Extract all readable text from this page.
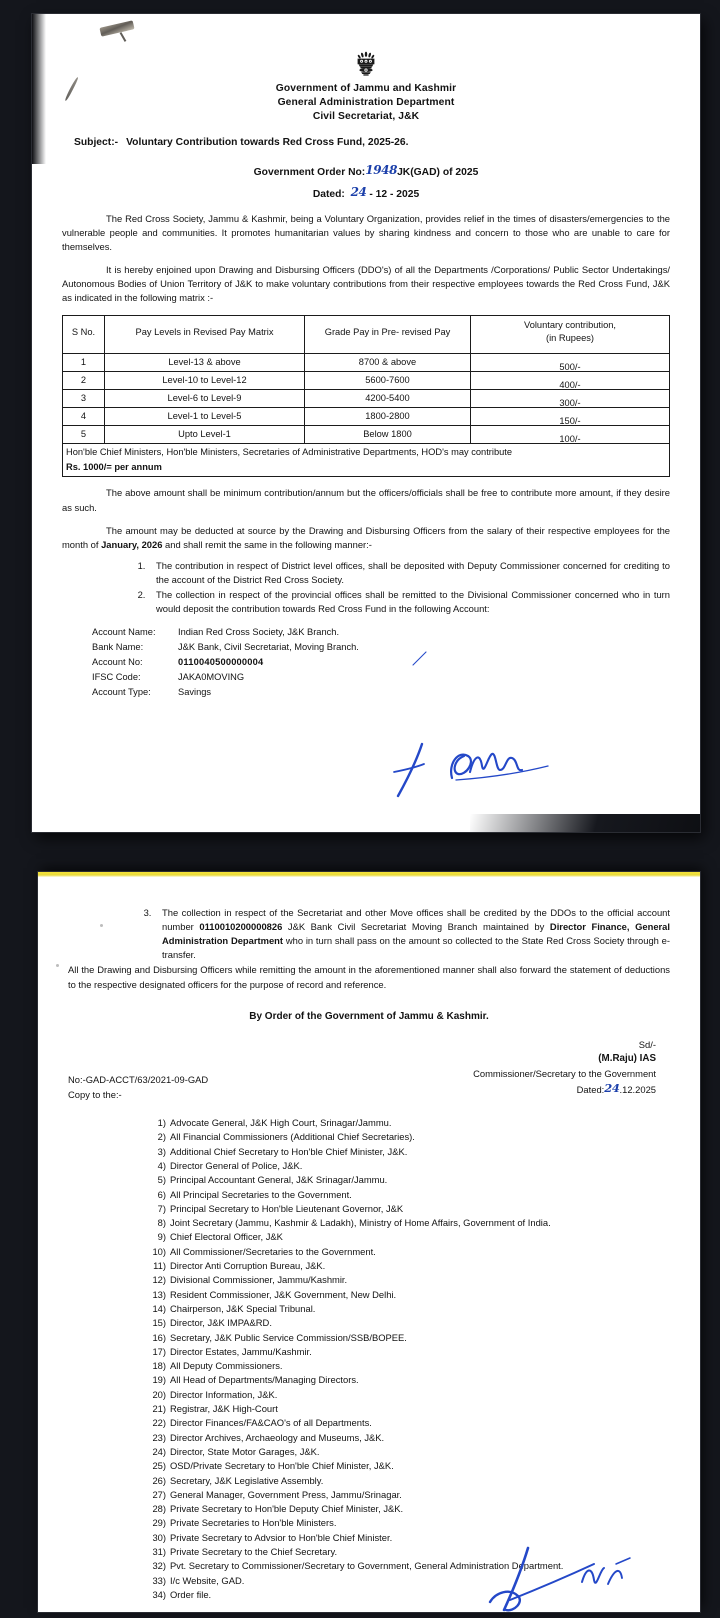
Government of Jammu and Kashmir
General Administration Department
Civil Secretariat, J&K
Subject:- Voluntary Contribution towards Red Cross Fund, 2025-26.
Government Order No:1948JK(GAD) of 2025
Dated: 24 - 12 - 2025

The Red Cross Society, Jammu & Kashmir, being a Voluntary Organization, provides relief in the times of disasters/emergencies to the vulnerable people and communities. It promotes humanitarian values by sharing kindness and concern to those who are unable to care for themselves.

It is hereby enjoined upon Drawing and Disbursing Officers (DDO's) of all the Departments /Corporations/ Public Sector Undertakings/ Autonomous Bodies of Union Territory of J&K to make voluntary contributions from their respective employees towards the Red Cross Fund, J&K as indicated in the following matrix :-

S No.	Pay Levels in Revised Pay Matrix	Grade Pay in Pre- revised Pay	Voluntary contribution,
(in Rupees)

1	Level-13 & above	8700 & above	500/-
2	Level-10 to Level-12	5600-7600	400/-
3	Level-6 to Level-9	4200-5400	300/-
4	Level-1 to Level-5	1800-2800	150/-
5	Upto Level-1	Below 1800	100/-
Hon'ble Chief Ministers, Hon'ble Ministers, Secretaries of Administrative Departments, HOD's may contribute
Rs. 1000/= per annum			

The above amount shall be minimum contribution/annum but the officers/officials shall be free to contribute more amount, if they desire as such.

The amount may be deducted at source by the Drawing and Disbursing Officers from the salary of their respective employees for the month of January, 2026 and shall remit the same in the following manner:-

1. The contribution in respect of District level offices, shall be deposited with Deputy Commissioner concerned for crediting to the account of the District Red Cross Society.
2. The collection in respect of the provincial offices shall be remitted to the Divisional Commissioner concerned who in turn would deposit the contribution towards Red Cross Fund in the following Account:
Account Name:	Indian Red Cross Society, J&K Branch.
Bank Name:	J&K Bank, Civil Secretariat, Moving Branch.
Account No:	0110040500000004
IFSC Code:	JAKA0MOVING
Account Type:	Savings
3. The collection in respect of the Secretariat and other Move offices shall be credited by the DDOs to the official account number 0110010200000826 J&K Bank Civil Secretariat Moving Branch maintained by Director Finance, General Administration Department who in turn shall pass on the amount so collected to the State Red Cross Society through e-transfer.

All the Drawing and Disbursing Officers while remitting the amount in the aforementioned manner shall also forward the statement of deductions to the respective designated officers for the purpose of record and reference.

By Order of the Government of Jammu & Kashmir.
Sd/-
(M.Raju) IAS
Commissioner/Secretary to the Government
Dated:24.12.2025
No:-GAD-ACCT/63/2021-09-GAD
Copy to the:-
1) Advocate General, J&K High Court, Srinagar/Jammu.
2) All Financial Commissioners (Additional Chief Secretaries).
3) Additional Chief Secretary to Hon'ble Chief Minister, J&K.
4) Director General of Police, J&K.
5) Principal Accountant General, J&K Srinagar/Jammu.
6) All Principal Secretaries to the Government.
7) Principal Secretary to Hon'ble Lieutenant Governor, J&K
8) Joint Secretary (Jammu, Kashmir & Ladakh), Ministry of Home Affairs, Government of India.
9) Chief Electoral Officer, J&K
10) All Commissioner/Secretaries to the Government.
11) Director Anti Corruption Bureau, J&K.
12) Divisional Commissioner, Jammu/Kashmir.
13) Resident Commissioner, J&K Government, New Delhi.
14) Chairperson, J&K Special Tribunal.
15) Director, J&K IMPA&RD.
16) Secretary, J&K Public Service Commission/SSB/BOPEE.
17) Director Estates, Jammu/Kashmir.
18) All Deputy Commissioners.
19) All Head of Departments/Managing Directors.
20) Director Information, J&K.
21) Registrar, J&K High-Court
22) Director Finances/FA&CAO's of all Departments.
23) Director Archives, Archaeology and Museums, J&K.
24) Director, State Motor Garages, J&K.
25) OSD/Private Secretary to Hon'ble Chief Minister, J&K.
26) Secretary, J&K Legislative Assembly.
27) General Manager, Government Press, Jammu/Srinagar.
28) Private Secretary to Hon'ble Deputy Chief Minister, J&K.
29) Private Secretaries to Hon'ble Ministers.
30) Private Secretary to Advsior to Hon'ble Chief Minister.
31) Private Secretary to the Chief Secretary.
32) Pvt. Secretary to Commissioner/Secretary to Government, General Administration Department.
33) I/c Website, GAD.
34) Order file.
